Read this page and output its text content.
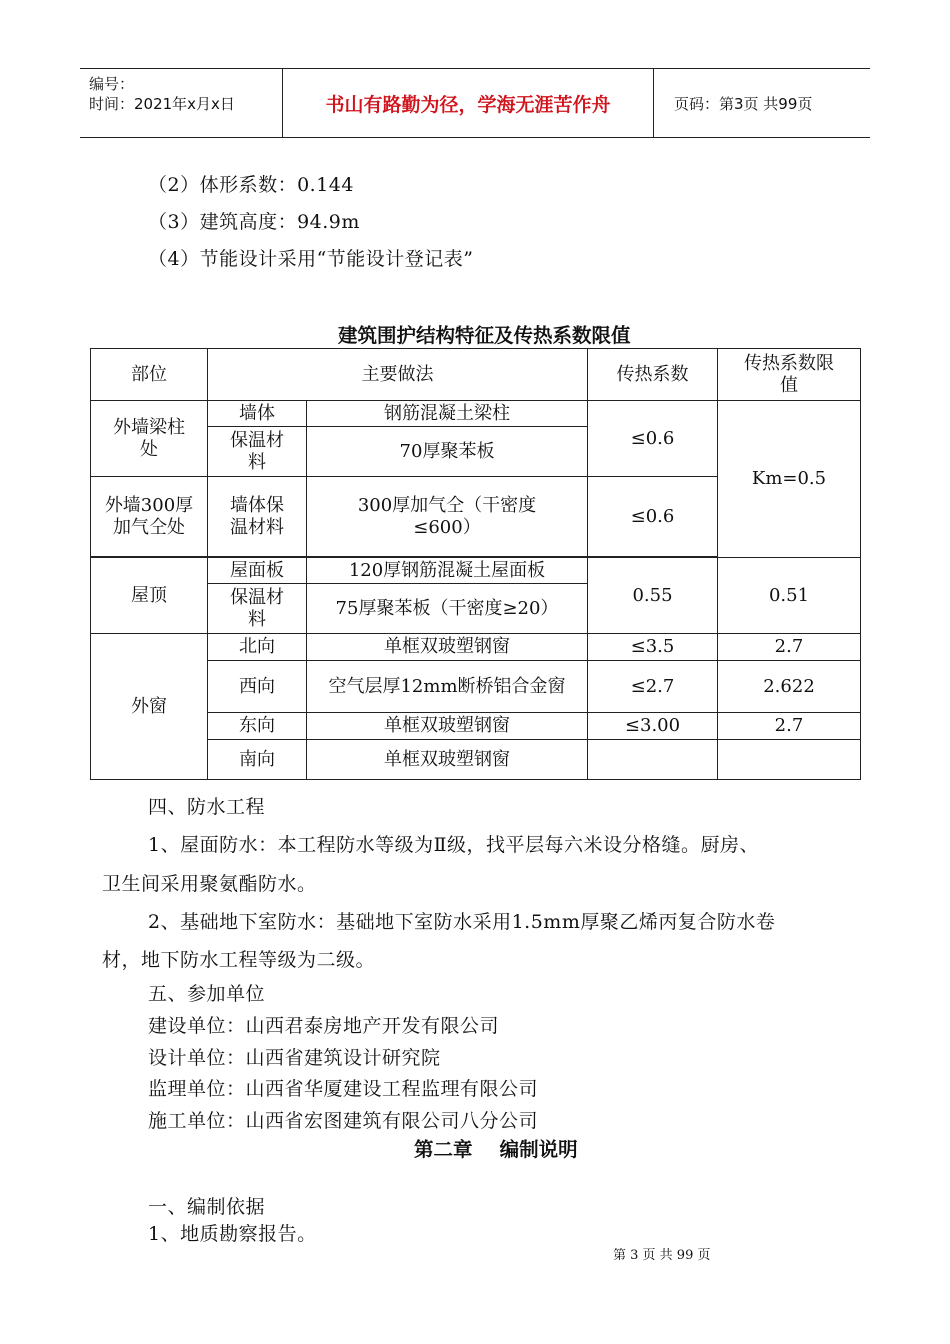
编号：
时间：2021年x月x日	书山有路勤为径，学海无涯苦作舟	页码：第3页 共99页
（2）体形系数：0.144
（3）建筑高度：94.9m
（4）节能设计采用“节能设计登记表”
建筑围护结构特征及传热系数限值
部位	主要做法		传热系数	传热系数限值
外墙梁柱处	墙体	钢筋混凝土梁柱	≤0.6	Km=0.5
	保温材料	70厚聚苯板		
外墙300厚加气仝处	墙体保温材料	300厚加气仝（干密度≤600）	≤0.6	

屋顶	屋面板	120厚钢筋混凝土屋面板	0.55	0.51
	保温材料	75厚聚苯板（干密度≥20）		
外窗	北向	单框双玻塑钢窗	≤3.5	2.7
	西向	空气层厚12mm断桥铝合金窗	≤2.7	2.622
	东向	单框双玻塑钢窗	≤3.00	2.7
	南向	单框双玻塑钢窗		
四、防水工程
1、屋面防水：本工程防水等级为Ⅱ级，找平层每六米设分格缝。厨房、
卫生间采用聚氨酯防水。
2、基础地下室防水：基础地下室防水采用1.5mm厚聚乙烯丙复合防水卷
材，地下防水工程等级为二级。
五、参加单位
建设单位：山西君泰房地产开发有限公司
设计单位：山西省建筑设计研究院
监理单位：山西省华厦建设工程监理有限公司
施工单位：山西省宏图建筑有限公司八分公司
第二章    编制说明
一、编制依据
1、地质勘察报告。
第 3 页 共 99 页
